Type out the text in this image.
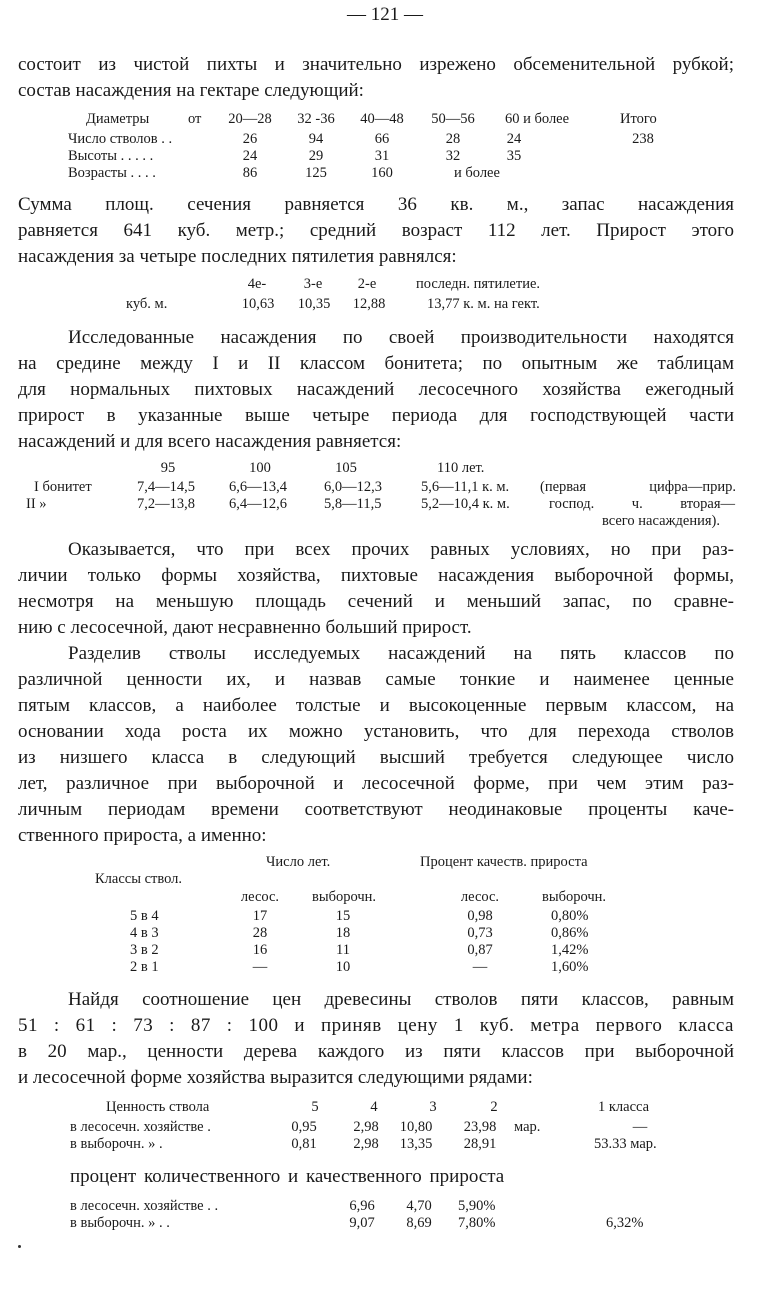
— 121 —
состоит из чистой пихты и значительно изрежено обсеменительной рубкой;
состав насаждения на гектаре следующий:
Диаметры	от	20—28	32 -36	40—48	50—56	60 и более	Итого
Число стволов . .	26	94	66	28	24	238
Высоты . . . . .	24	29	31	32	35
Возрасты . . . .	86	125	160	и более
Сумма площ. сечения равняется 36 кв. м., запас насаждения
равняется 641 куб. метр.; средний возраст 112 лет. Прирост этого
насаждения за четыре последних пятилетия равнялся:
4е-	3-е	2-е	последн. пятилетие.
куб. м.	10,63	10,35	12,88	13,77 к. м. на гект.
Исследованные насаждения по своей производительности находятся
на средине между I и II классом бонитета; по опытным же таблицам
для нормальных пихтовых насаждений лесосечного хозяйства ежегодный
прирост в указанные выше четыре периода для господствующей части
насаждений и для всего насаждения равняется:
95	100	105	110 лет.
I бонитет	7,4—14,5 6,6—13,4	6,0—12,3	5,6—11,1 к. м.
II »	7,2—13,8 6,4—12,6	5,8—11,5	5,2—10,4 к. м.
(первая цифра—прир.
господ. ч. вторая—
всего насаждения).
Оказывается, что при всех прочих равных условиях, но при раз-
личии только формы хозяйства, пихтовые насаждения выборочной формы,
несмотря на меньшую площадь сечений и меньший запас, по сравне-
нию с лесосечной, дают несравненно больший прирост.
Разделив стволы исследуемых насаждений на пять классов по
различной ценности их, и назвав самые тонкие и наименее ценные
пятым классов, а наиболее толстые и высокоценные первым классом, на
основании хода роста их можно установить, что для перехода стволов
из низшего класса в следующий высший требуется следующее число
лет, различное при выборочной и лесосечной форме, при чем этим раз-
личным периодам времени соответствуют неодинаковые проценты каче-
ственного прироста, а именно:
Число лет.	Процент качеств. прироста
Классы ствол.
лесос.	выборочн.	лесос.	выборочн.
5 в 4	17	15	0,98	0,80%
4 в 3	28	18	0,73	0,86%
3 в 2	16	11	0,87	1,42%
2 в 1	—	10	—	1,60%
Найдя соотношение цен древесины стволов пяти классов, равным
51 : 61 : 73 : 87 : 100 и приняв цену 1 куб. метра первого класса
в 20 мар., ценности дерева каждого из пяти классов при выборочной
и лесосечной форме хозяйства выразится следующими рядами:
Ценность ствола	5	4	3	2	1 класса
в лесосечн. хозяйстве .	0,95	2,98	10,80	23,98	мар.	—
в выборочн. » .	0,81	2,98	13,35	28,91	53.33 мар.
процент количественного и качественного прироста
в лесосечн. хозяйстве . .	6,96	4,70	5,90%
в выборочн. » . .	9,07	8,69	7,80%	6,32%
